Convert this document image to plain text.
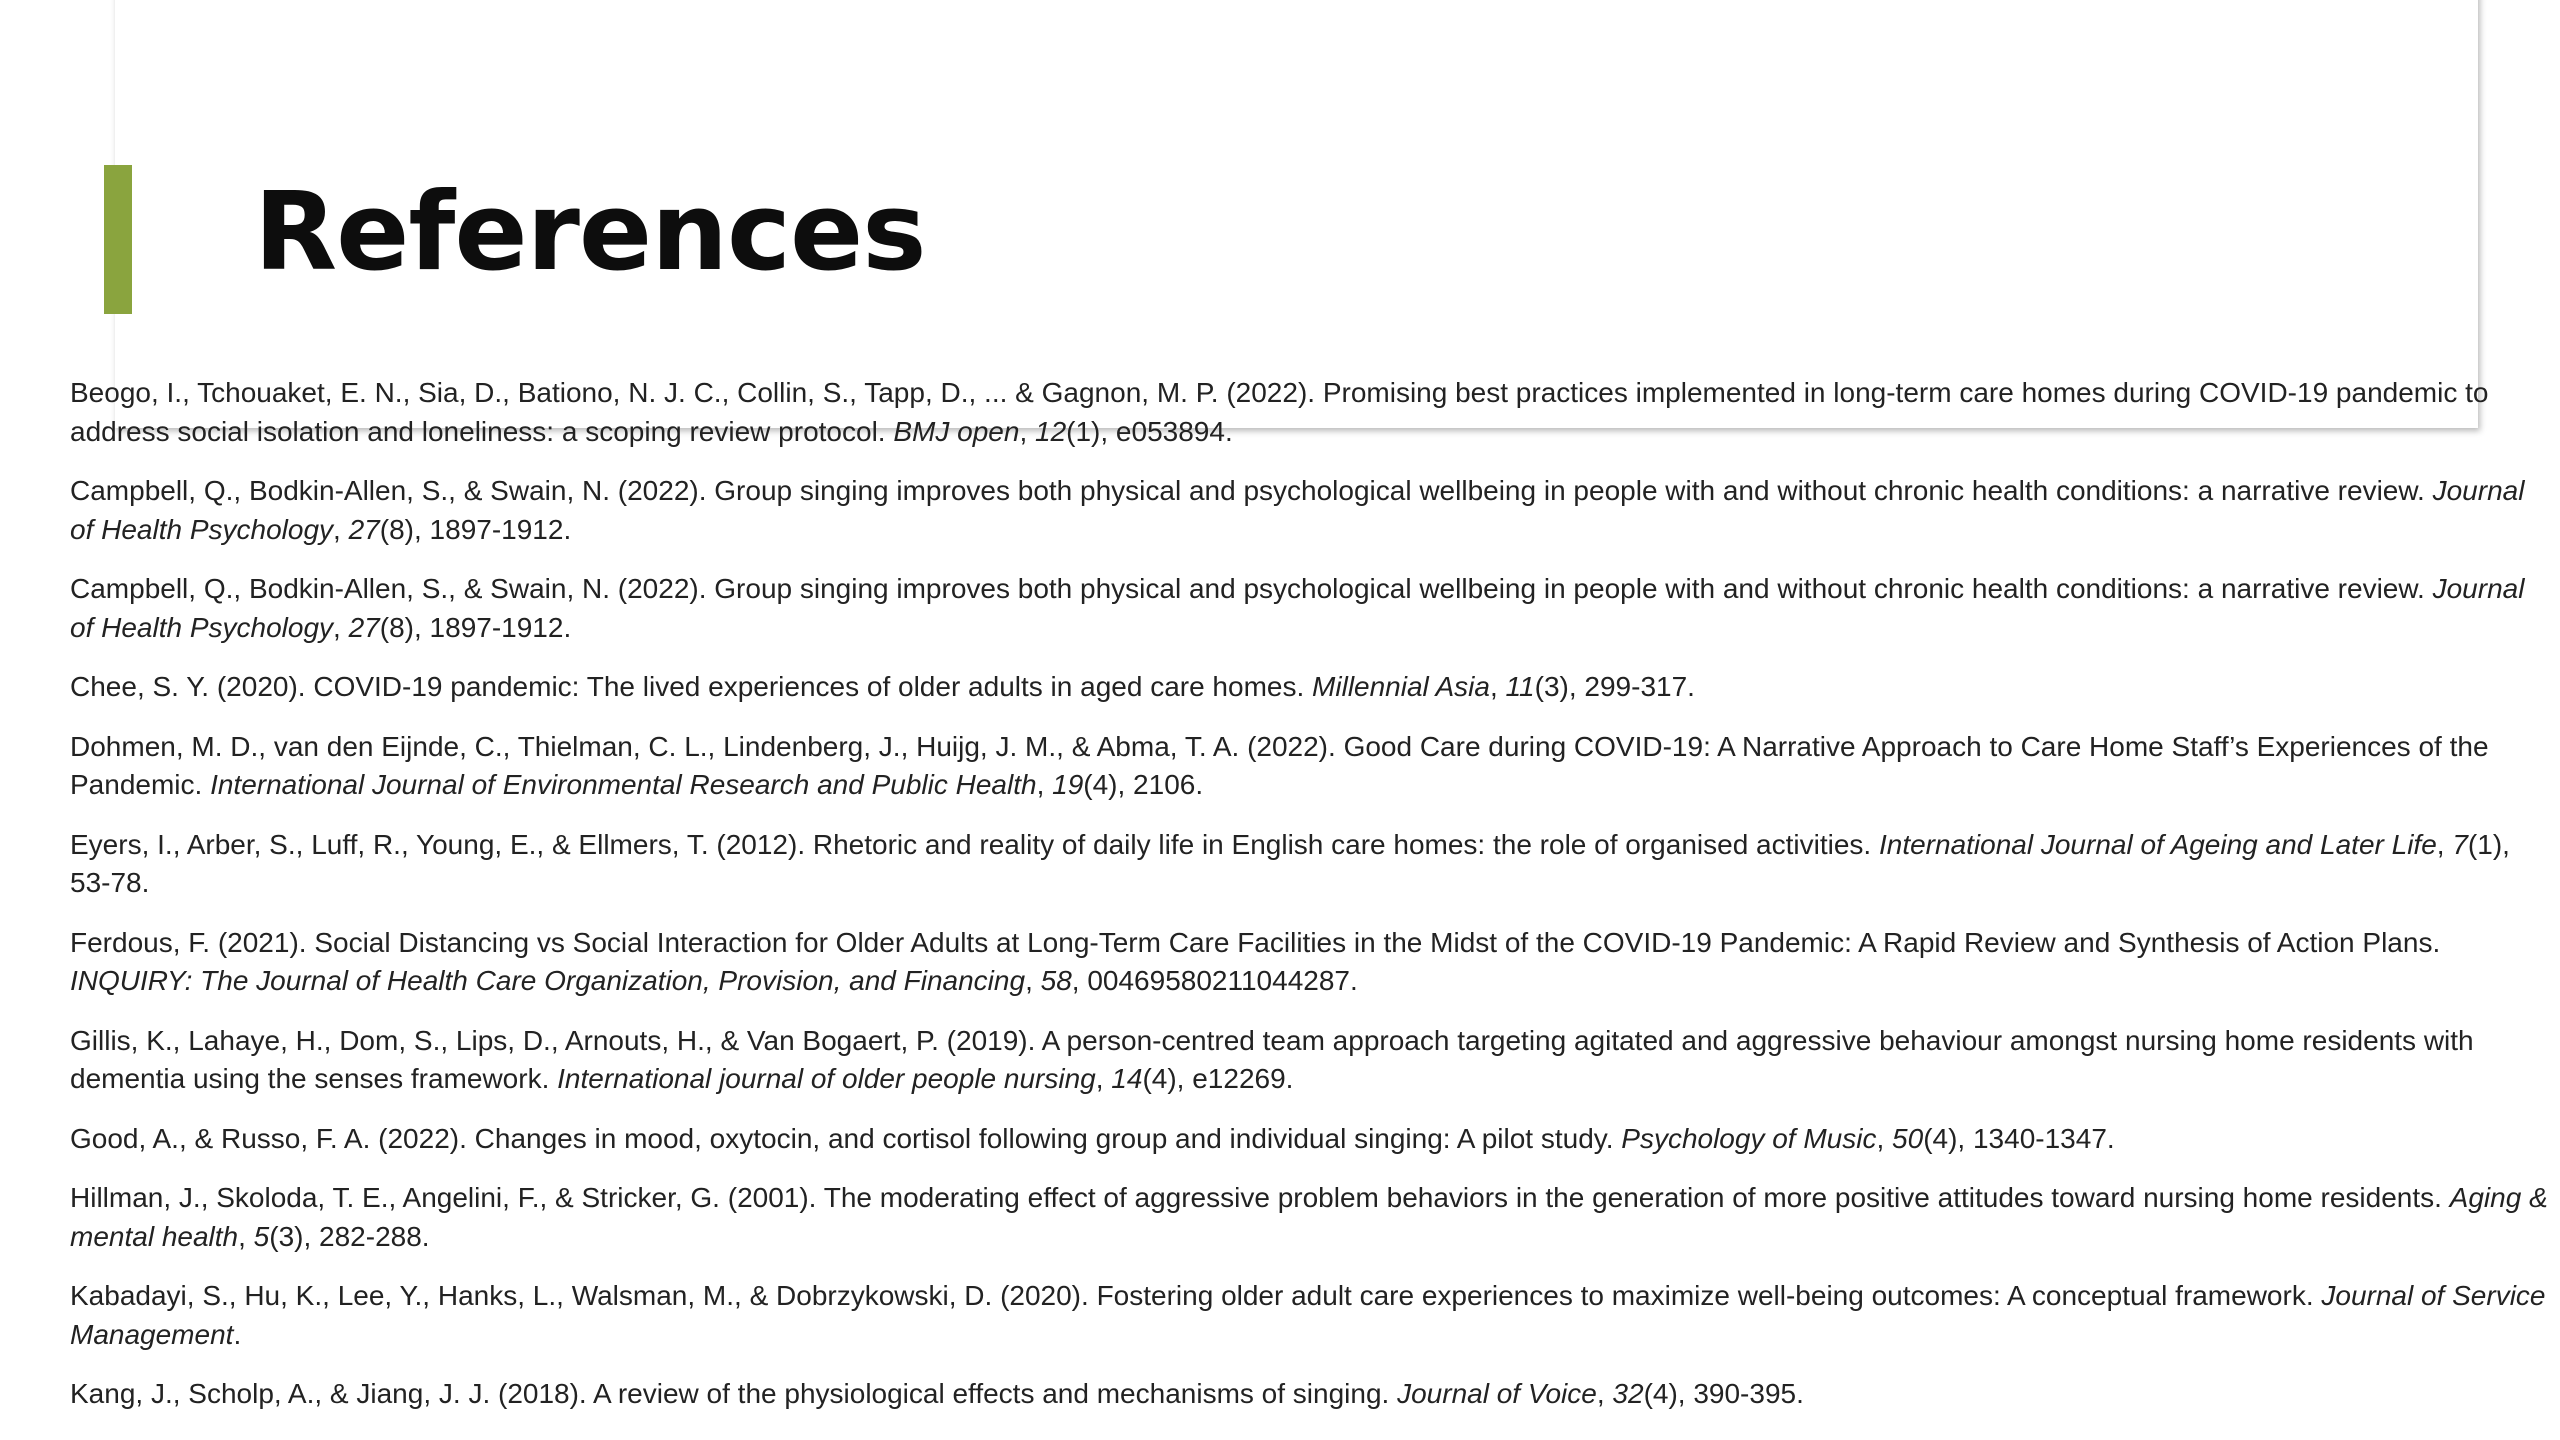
References
Beogo, I., Tchouaket, E. N., Sia, D., Bationo, N. J. C., Collin, S., Tapp, D., ... & Gagnon, M. P. (2022). Promising best practices implemented in long-term care homes during COVID-19 pandemic to address social isolation and loneliness: a scoping review protocol. BMJ open, 12(1), e053894.
Campbell, Q., Bodkin-Allen, S., & Swain, N. (2022). Group singing improves both physical and psychological wellbeing in people with and without chronic health conditions: a narrative review. Journal of Health Psychology, 27(8), 1897-1912.
Campbell, Q., Bodkin-Allen, S., & Swain, N. (2022). Group singing improves both physical and psychological wellbeing in people with and without chronic health conditions: a narrative review. Journal of Health Psychology, 27(8), 1897-1912.
Chee, S. Y. (2020). COVID-19 pandemic: The lived experiences of older adults in aged care homes. Millennial Asia, 11(3), 299-317.
Dohmen, M. D., van den Eijnde, C., Thielman, C. L., Lindenberg, J., Huijg, J. M., & Abma, T. A. (2022). Good Care during COVID-19: A Narrative Approach to Care Home Staff’s Experiences of the Pandemic. International Journal of Environmental Research and Public Health, 19(4), 2106.
Eyers, I., Arber, S., Luff, R., Young, E., & Ellmers, T. (2012). Rhetoric and reality of daily life in English care homes: the role of organised activities. International Journal of Ageing and Later Life, 7(1), 53-78.
Ferdous, F. (2021). Social Distancing vs Social Interaction for Older Adults at Long-Term Care Facilities in the Midst of the COVID-19 Pandemic: A Rapid Review and Synthesis of Action Plans. INQUIRY: The Journal of Health Care Organization, Provision, and Financing, 58, 00469580211044287.
Gillis, K., Lahaye, H., Dom, S., Lips, D., Arnouts, H., & Van Bogaert, P. (2019). A person-centred team approach targeting agitated and aggressive behaviour amongst nursing home residents with dementia using the senses framework. International journal of older people nursing, 14(4), e12269.
Good, A., & Russo, F. A. (2022). Changes in mood, oxytocin, and cortisol following group and individual singing: A pilot study. Psychology of Music, 50(4), 1340-1347.
Hillman, J., Skoloda, T. E., Angelini, F., & Stricker, G. (2001). The moderating effect of aggressive problem behaviors in the generation of more positive attitudes toward nursing home residents. Aging & mental health, 5(3), 282-288.
Kabadayi, S., Hu, K., Lee, Y., Hanks, L., Walsman, M., & Dobrzykowski, D. (2020). Fostering older adult care experiences to maximize well-being outcomes: A conceptual framework. Journal of Service Management.
Kang, J., Scholp, A., & Jiang, J. J. (2018). A review of the physiological effects and mechanisms of singing. Journal of Voice, 32(4), 390-395.
